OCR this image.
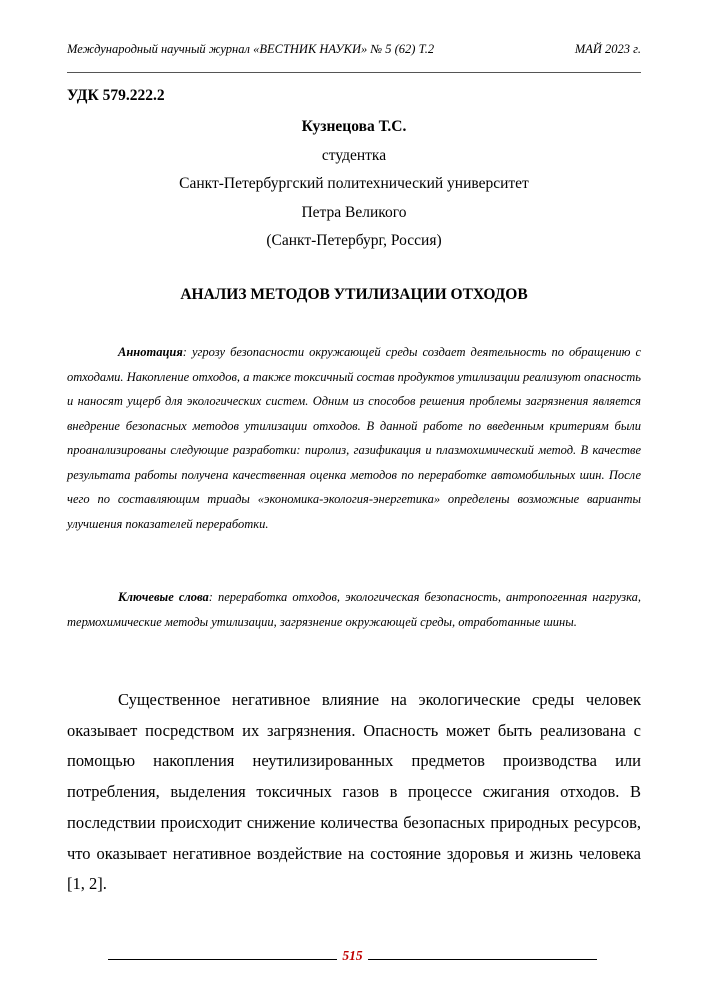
Международный научный журнал «ВЕСТНИК НАУКИ» № 5 (62) Т.2	МАЙ 2023 г.
УДК 579.222.2
Кузнецова Т.С.
студентка
Санкт-Петербургский политехнический университет
Петра Великого
(Санкт-Петербург, Россия)
АНАЛИЗ МЕТОДОВ УТИЛИЗАЦИИ ОТХОДОВ
Аннотация: угрозу безопасности окружающей среды создает деятельность по обращению с отходами. Накопление отходов, а также токсичный состав продуктов утилизации реализуют опасность и наносят ущерб для экологических систем. Одним из способов решения проблемы загрязнения является внедрение безопасных методов утилизации отходов. В данной работе по введенным критериям были проанализированы следующие разработки: пиролиз, газификация и плазмохимический метод. В качестве результата работы получена качественная оценка методов по переработке автомобильных шин. После чего по составляющим триады «экономика-экология-энергетика» определены возможные варианты улучшения показателей переработки.
Ключевые слова: переработка отходов, экологическая безопасность, антропогенная нагрузка, термохимические методы утилизации, загрязнение окружающей среды, отработанные шины.
Существенное негативное влияние на экологические среды человек оказывает посредством их загрязнения. Опасность может быть реализована с помощью накопления неутилизированных предметов производства или потребления, выделения токсичных газов в процессе сжигания отходов. В последствии происходит снижение количества безопасных природных ресурсов, что оказывает негативное воздействие на состояние здоровья и жизнь человека [1, 2].
515
